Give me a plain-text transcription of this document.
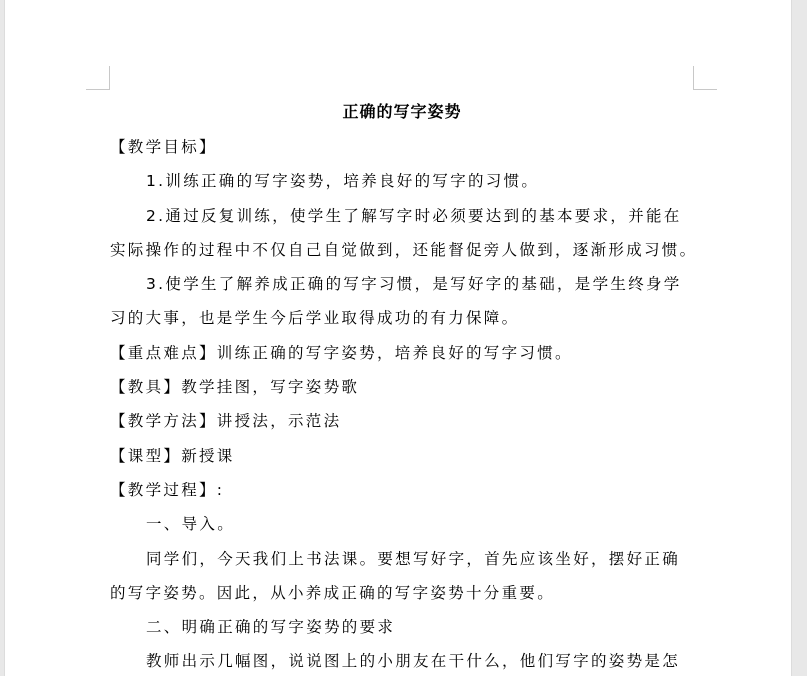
正确的写字姿势
【教学目标】
1.训练正确的写字姿势，培养良好的写字的习惯。
2.通过反复训练，使学生了解写字时必须要达到的基本要求，并能在
实际操作的过程中不仅自己自觉做到，还能督促旁人做到，逐渐形成习惯。
3.使学生了解养成正确的写字习惯，是写好字的基础，是学生终身学
习的大事，也是学生今后学业取得成功的有力保障。
【重点难点】训练正确的写字姿势，培养良好的写字习惯。
【教具】教学挂图，写字姿势歌
【教学方法】讲授法，示范法
【课型】新授课
【教学过程】:
一、导入。
同学们，今天我们上书法课。要想写好字，首先应该坐好，摆好正确
的写字姿势。因此，从小养成正确的写字姿势十分重要。
二、明确正确的写字姿势的要求
教师出示几幅图，说说图上的小朋友在干什么，他们写字的姿势是怎
